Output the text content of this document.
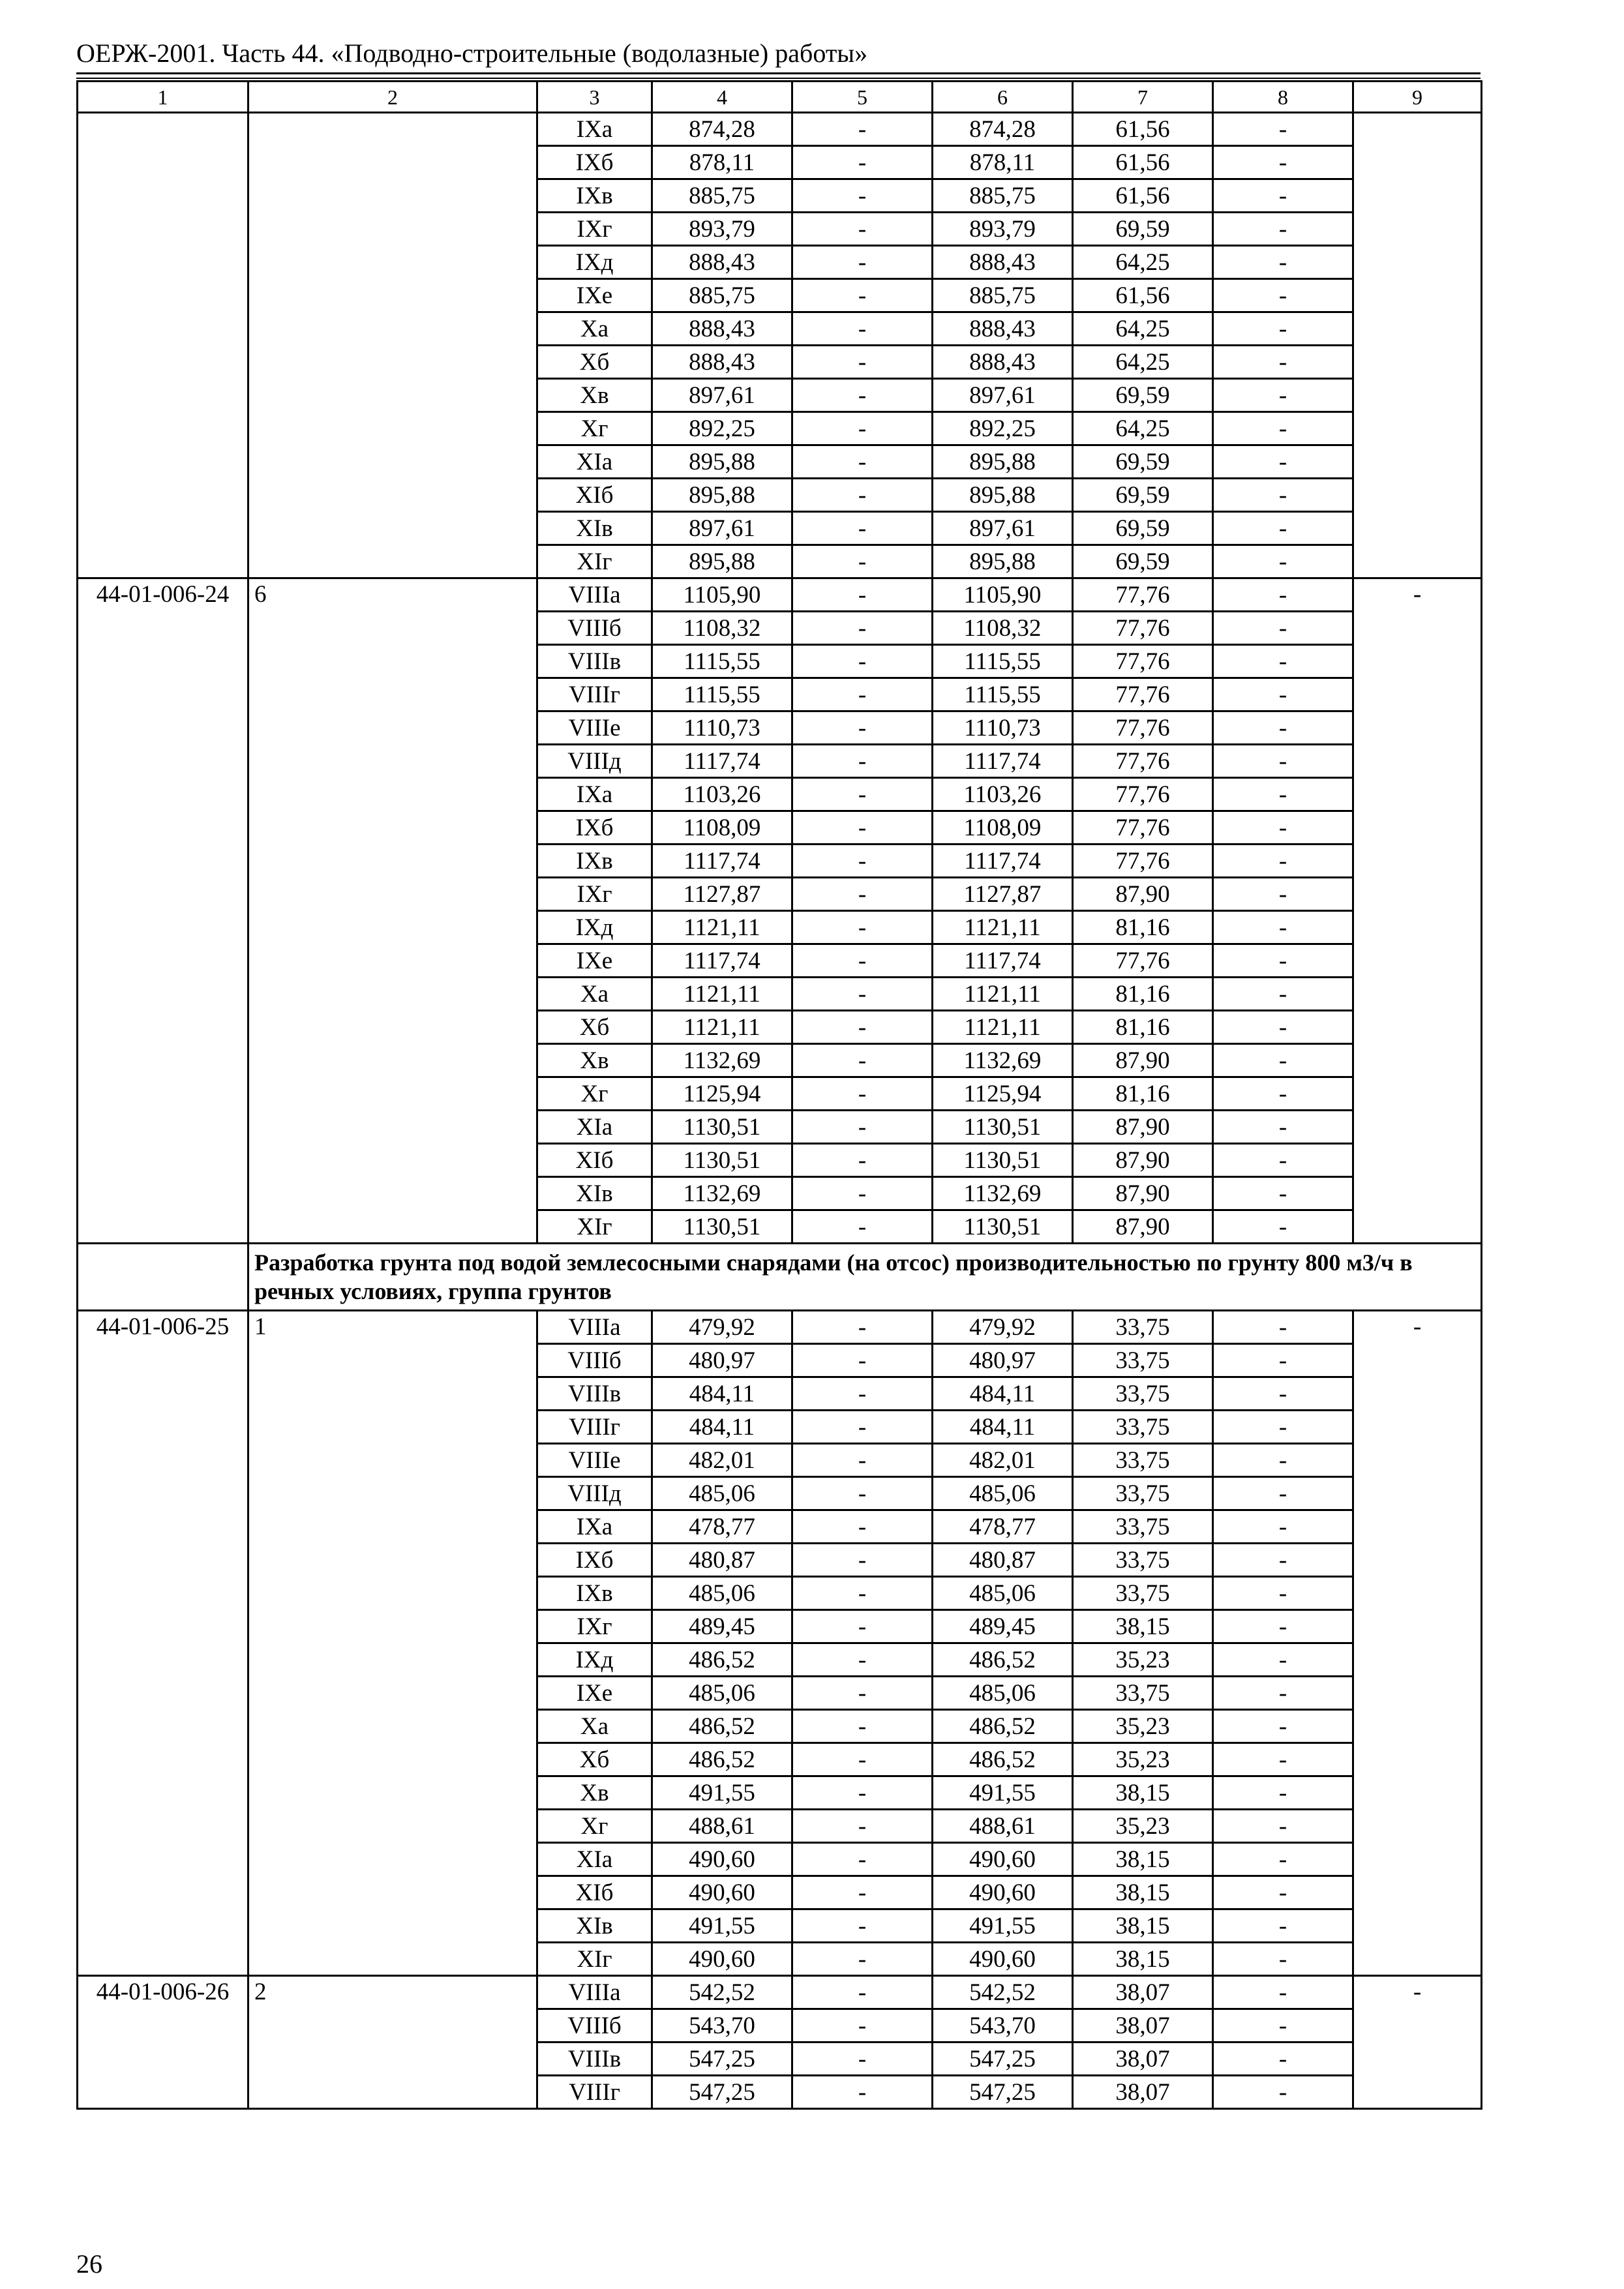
ОЕРЖ-2001. Часть 44. «Подводно-строительные (водолазные) работы»
1	2	3	4	5	6	7	8	9
		IXа	874,28	-	874,28	61,56	-	
		IXб	878,11	-	878,11	61,56	-	
		IXв	885,75	-	885,75	61,56	-	
		IXг	893,79	-	893,79	69,59	-	
		IXд	888,43	-	888,43	64,25	-	
		IXе	885,75	-	885,75	61,56	-	
		Xа	888,43	-	888,43	64,25	-	
		Xб	888,43	-	888,43	64,25	-	
		Xв	897,61	-	897,61	69,59	-	
		Xг	892,25	-	892,25	64,25	-	
		XIа	895,88	-	895,88	69,59	-	
		XIб	895,88	-	895,88	69,59	-	
		XIв	897,61	-	897,61	69,59	-	
		XIг	895,88	-	895,88	69,59	-	
44-01-006-24	6	VIIIа	1105,90	-	1105,90	77,76	-	-
		VIIIб	1108,32	-	1108,32	77,76	-	
		VIIIв	1115,55	-	1115,55	77,76	-	
		VIIIг	1115,55	-	1115,55	77,76	-	
		VIIIе	1110,73	-	1110,73	77,76	-	
		VIIIд	1117,74	-	1117,74	77,76	-	
		IXа	1103,26	-	1103,26	77,76	-	
		IXб	1108,09	-	1108,09	77,76	-	
		IXв	1117,74	-	1117,74	77,76	-	
		IXг	1127,87	-	1127,87	87,90	-	
		IXд	1121,11	-	1121,11	81,16	-	
		IXе	1117,74	-	1117,74	77,76	-	
		Xа	1121,11	-	1121,11	81,16	-	
		Xб	1121,11	-	1121,11	81,16	-	
		Xв	1132,69	-	1132,69	87,90	-	
		Xг	1125,94	-	1125,94	81,16	-	
		XIа	1130,51	-	1130,51	87,90	-	
		XIб	1130,51	-	1130,51	87,90	-	
		XIв	1132,69	-	1132,69	87,90	-	
		XIг	1130,51	-	1130,51	87,90	-	
	Разработка грунта под водой землесосными снарядами (на отсос) производительностью по грунту 800 м3/ч в речных условиях, группа грунтов							
44-01-006-25	1	VIIIа	479,92	-	479,92	33,75	-	-
		VIIIб	480,97	-	480,97	33,75	-	
		VIIIв	484,11	-	484,11	33,75	-	
		VIIIг	484,11	-	484,11	33,75	-	
		VIIIе	482,01	-	482,01	33,75	-	
		VIIIд	485,06	-	485,06	33,75	-	
		IXа	478,77	-	478,77	33,75	-	
		IXб	480,87	-	480,87	33,75	-	
		IXв	485,06	-	485,06	33,75	-	
		IXг	489,45	-	489,45	38,15	-	
		IXд	486,52	-	486,52	35,23	-	
		IXе	485,06	-	485,06	33,75	-	
		Xа	486,52	-	486,52	35,23	-	
		Xб	486,52	-	486,52	35,23	-	
		Xв	491,55	-	491,55	38,15	-	
		Xг	488,61	-	488,61	35,23	-	
		XIа	490,60	-	490,60	38,15	-	
		XIб	490,60	-	490,60	38,15	-	
		XIв	491,55	-	491,55	38,15	-	
		XIг	490,60	-	490,60	38,15	-	
44-01-006-26	2	VIIIа	542,52	-	542,52	38,07	-	-
		VIIIб	543,70	-	543,70	38,07	-	
		VIIIв	547,25	-	547,25	38,07	-	
		VIIIг	547,25	-	547,25	38,07	-	
26
